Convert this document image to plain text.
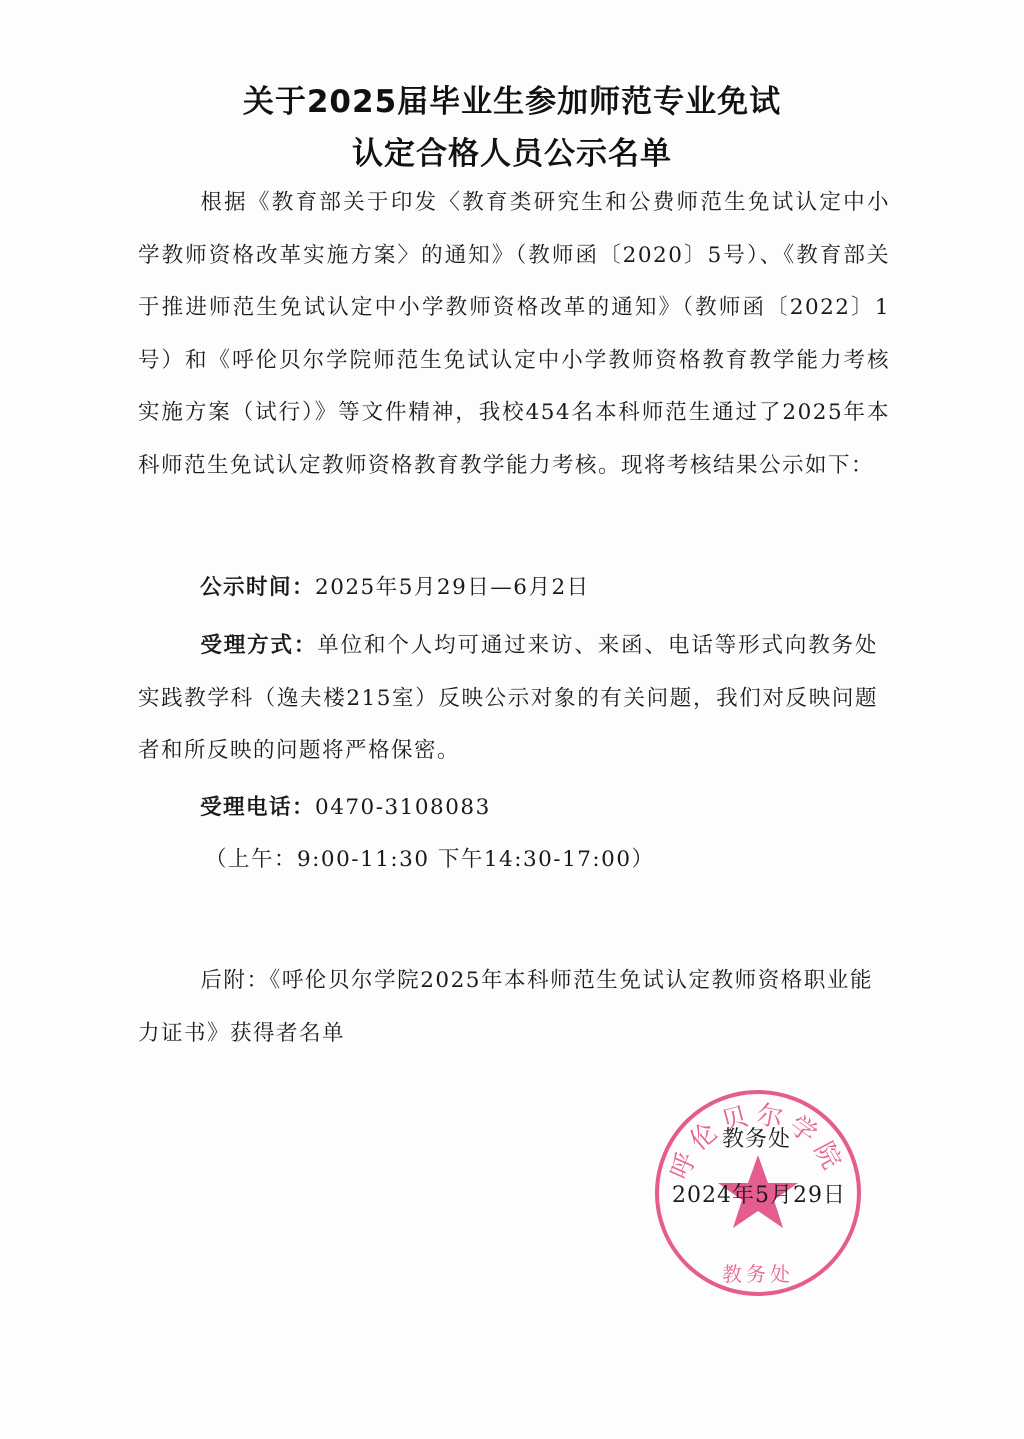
关于2025届毕业生参加师范专业免试
认定合格人员公示名单
根据《教育部关于印发〈教育类研究生和公费师范生免试认定中小学教师资格改革实施方案〉的通知》（教师函〔2020〕5号）、《教育部关于推进师范生免试认定中小学教师资格改革的通知》（教师函〔2022〕1号）和《呼伦贝尔学院师范生免试认定中小学教师资格教育教学能力考核实施方案（试行）》等文件精神，我校454名本科师范生通过了2025年本科师范生免试认定教师资格教育教学能力考核。现将考核结果公示如下：
公示时间：2025年5月29日—6月2日
受理方式：单位和个人均可通过来访、来函、电话等形式向教务处实践教学科（逸夫楼215室）反映公示对象的有关问题，我们对反映问题者和所反映的问题将严格保密。
受理电话：0470-3108083
（上午：9:00-11:30 下午14:30-17:00）
后附：《呼伦贝尔学院2025年本科师范生免试认定教师资格职业能力证书》获得者名单
呼伦贝尔学院
教务处
教务处
2024年5月29日
